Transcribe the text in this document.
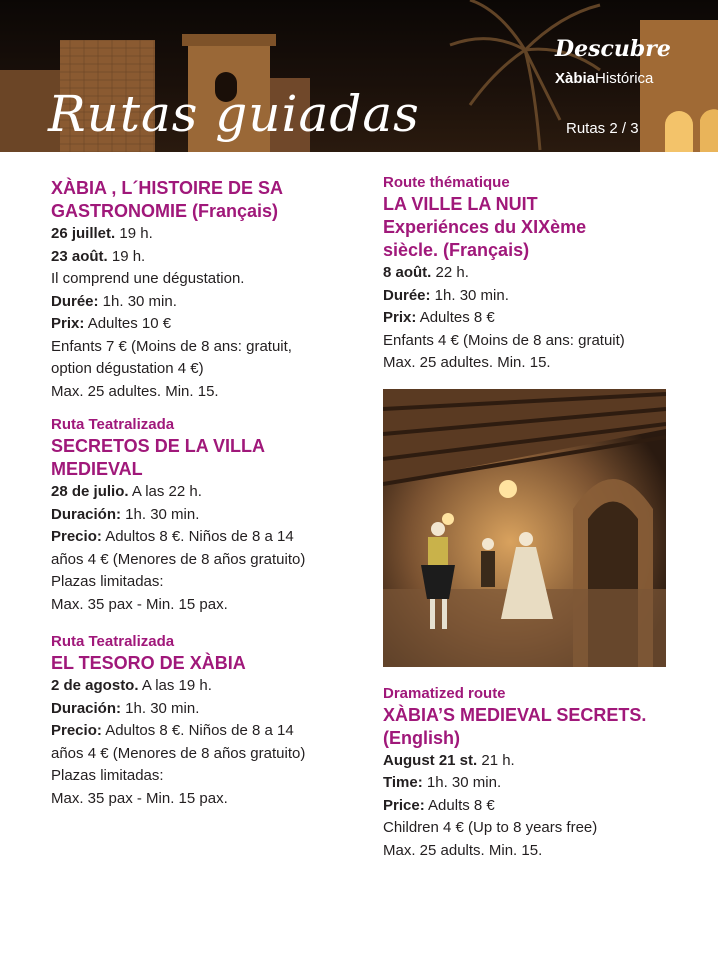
Rutas guiadas
Descubre
XàbiaHistórica
Rutas 2 / 3
XÀBIA , L´HISTOIRE DE SA
GASTRONOMIE (Français)
26 juillet. 19 h.
23 août. 19 h.
Il comprend une dégustation.
Durée: 1h. 30 min.
Prix: Adultes 10 €
Enfants 7 € (Moins de 8 ans: gratuit,
option dégustation 4 €)
Max. 25 adultes. Min. 15.
Ruta Teatralizada
SECRETOS DE LA VILLA
MEDIEVAL
28 de julio. A las 22 h.
Duración: 1h. 30 min.
Precio: Adultos 8 €. Niños de 8 a 14
años 4 € (Menores de 8 años gratuito)
Plazas limitadas:
Max. 35 pax - Min. 15 pax.
Ruta Teatralizada
EL TESORO DE XÀBIA
2 de agosto. A las 19 h.
Duración: 1h. 30 min.
Precio: Adultos 8 €. Niños de 8 a 14
años 4 € (Menores de 8 años gratuito)
Plazas limitadas:
Max. 35 pax - Min. 15 pax.
Route thématique
LA VILLE LA NUIT
Experiénces du XIXème
siècle. (Français)
8 août. 22 h.
Durée: 1h. 30 min.
Prix: Adultes 8 €
Enfants 4 € (Moins de 8 ans: gratuit)
Max. 25 adultes. Min. 15.
Dramatized route
XÀBIA’S MEDIEVAL SECRETS.
(English)
August 21 st. 21 h.
Time: 1h. 30 min.
Price: Adults 8 €
Children 4 € (Up to 8 years free)
Max. 25 adults. Min. 15.
